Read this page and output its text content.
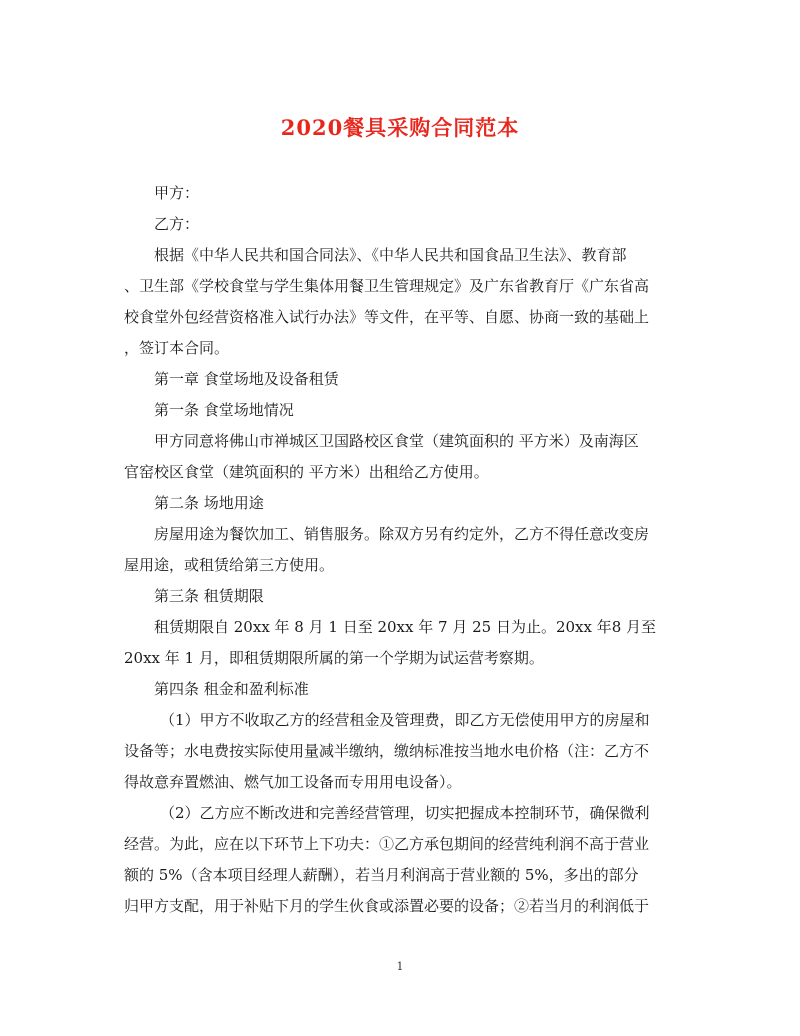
2020餐具采购合同范本

甲方：

乙方：

根据《中华人民共和国合同法》、《中华人民共和国食品卫生法》、教育部

、卫生部《学校食堂与学生集体用餐卫生管理规定》及广东省教育厅《广东省高

校食堂外包经营资格准入试行办法》等文件，在平等、自愿、协商一致的基础上

，签订本合同。

第一章 食堂场地及设备租赁

第一条 食堂场地情况

甲方同意将佛山市禅城区卫国路校区食堂（建筑面积的 平方米）及南海区

官窑校区食堂（建筑面积的 平方米）出租给乙方使用。

第二条 场地用途

房屋用途为餐饮加工、销售服务。除双方另有约定外，乙方不得任意改变房

屋用途，或租赁给第三方使用。

第三条 租赁期限

租赁期限自 20xx 年 8 月 1 日至 20xx 年 7 月 25 日为止。20xx 年8 月至

20xx 年 1 月，即租赁期限所属的第一个学期为试运营考察期。

第四条 租金和盈利标准

（1）甲方不收取乙方的经营租金及管理费，即乙方无偿使用甲方的房屋和

设备等；水电费按实际使用量减半缴纳，缴纳标准按当地水电价格（注：乙方不

得故意弃置燃油、燃气加工设备而专用用电设备）。

（2）乙方应不断改进和完善经营管理，切实把握成本控制环节，确保微利

经营。为此，应在以下环节上下功夫：①乙方承包期间的经营纯利润不高于营业

额的 5%（含本项目经理人薪酬），若当月利润高于营业额的 5%，多出的部分

归甲方支配，用于补贴下月的学生伙食或添置必要的设备；②若当月的利润低于

1
